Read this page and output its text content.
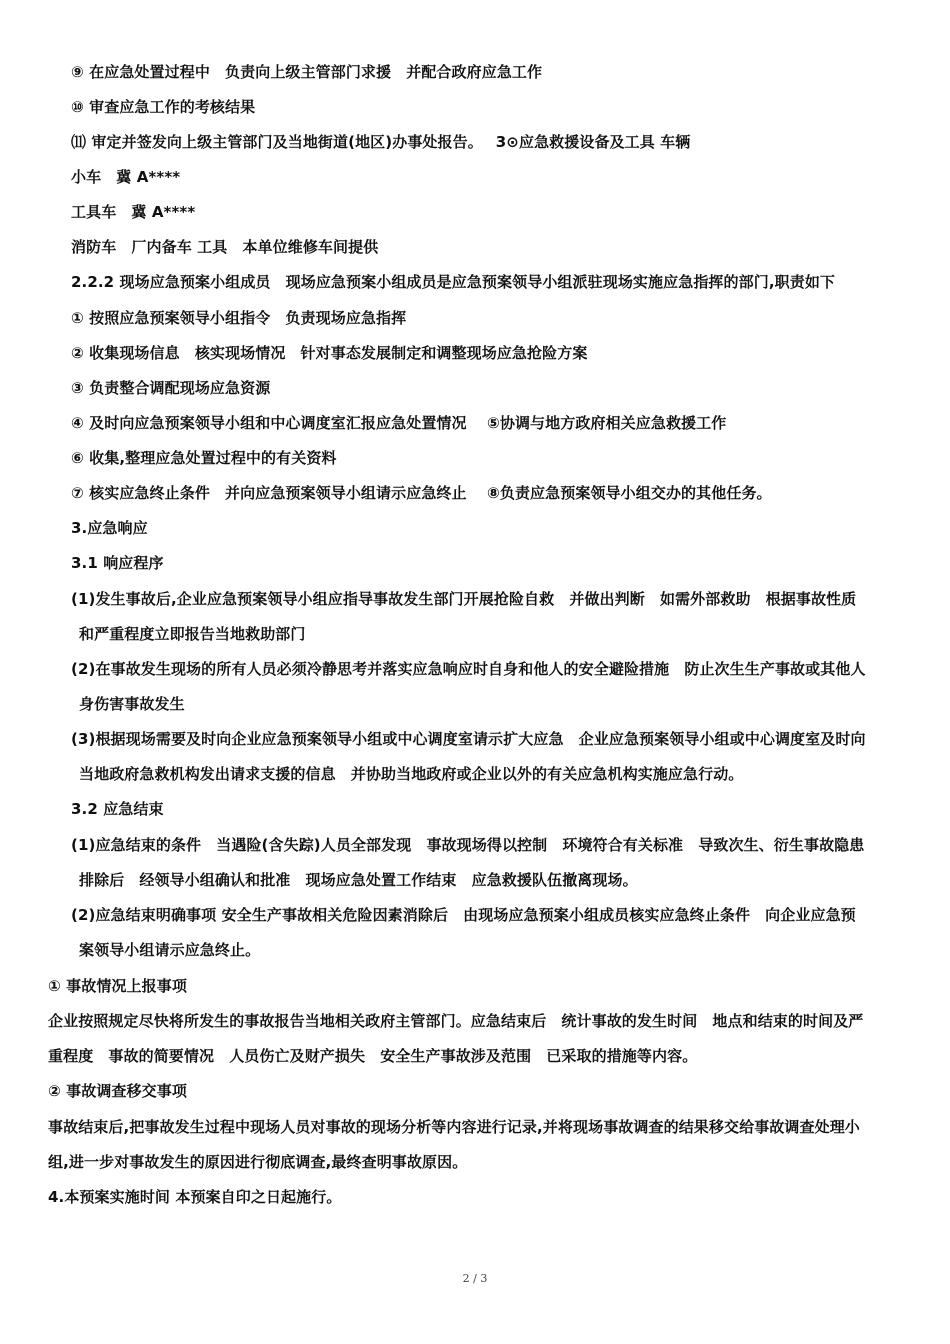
⑨ 在应急处置过程中　负责向上级主管部门求援　并配合政府应急工作
⑩ 审查应急工作的考核结果
⑾ 审定并签发向上级主管部门及当地街道(地区)办事处报告。　 3⊙应急救援设备及工具 车辆
小车　冀 A****
工具车　冀 A****
消防车　厂内备车 工具　本单位维修车间提供
2.2.2 现场应急预案小组成员　现场应急预案小组成员是应急预案领导小组派驻现场实施应急指挥的部门,职责如下
① 按照应急预案领导小组指令　负责现场应急指挥
② 收集现场信息　核实现场情况　针对事态发展制定和调整现场应急抢险方案
③ 负责整合调配现场应急资源
④ 及时向应急预案领导小组和中心调度室汇报应急处置情况　 ⑤协调与地方政府相关应急救援工作
⑥ 收集,整理应急处置过程中的有关资料
⑦ 核实应急终止条件　并向应急预案领导小组请示应急终止　 ⑧负责应急预案领导小组交办的其他任务。
3.应急响应
3.1 响应程序
(1)发生事故后,企业应急预案领导小组应指导事故发生部门开展抢险自救　并做出判断　如需外部救助　根据事故性质
和严重程度立即报告当地救助部门
(2)在事故发生现场的所有人员必须冷静思考并落实应急响应时自身和他人的安全避险措施　防止次生生产事故或其他人
身伤害事故发生
(3)根据现场需要及时向企业应急预案领导小组或中心调度室请示扩大应急　企业应急预案领导小组或中心调度室及时向
当地政府急救机构发出请求支援的信息　并协助当地政府或企业以外的有关应急机构实施应急行动。
3.2 应急结束
(1)应急结束的条件　当遇险(含失踪)人员全部发现　事故现场得以控制　环境符合有关标准　导致次生、衍生事故隐患
排除后　经领导小组确认和批准　现场应急处置工作结束　应急救援队伍撤离现场。
(2)应急结束明确事项 安全生产事故相关危险因素消除后　由现场应急预案小组成员核实应急终止条件　向企业应急预
案领导小组请示应急终止。
① 事故情况上报事项
企业按照规定尽快将所发生的事故报告当地相关政府主管部门。应急结束后　统计事故的发生时间　地点和结束的时间及严
重程度　事故的简要情况　人员伤亡及财产损失　安全生产事故涉及范围　已采取的措施等内容。
② 事故调查移交事项
事故结束后,把事故发生过程中现场人员对事故的现场分析等内容进行记录,并将现场事故调查的结果移交给事故调查处理小
组,进一步对事故发生的原因进行彻底调查,最终查明事故原因。
4.本预案实施时间 本预案自印之日起施行。
2 / 3
